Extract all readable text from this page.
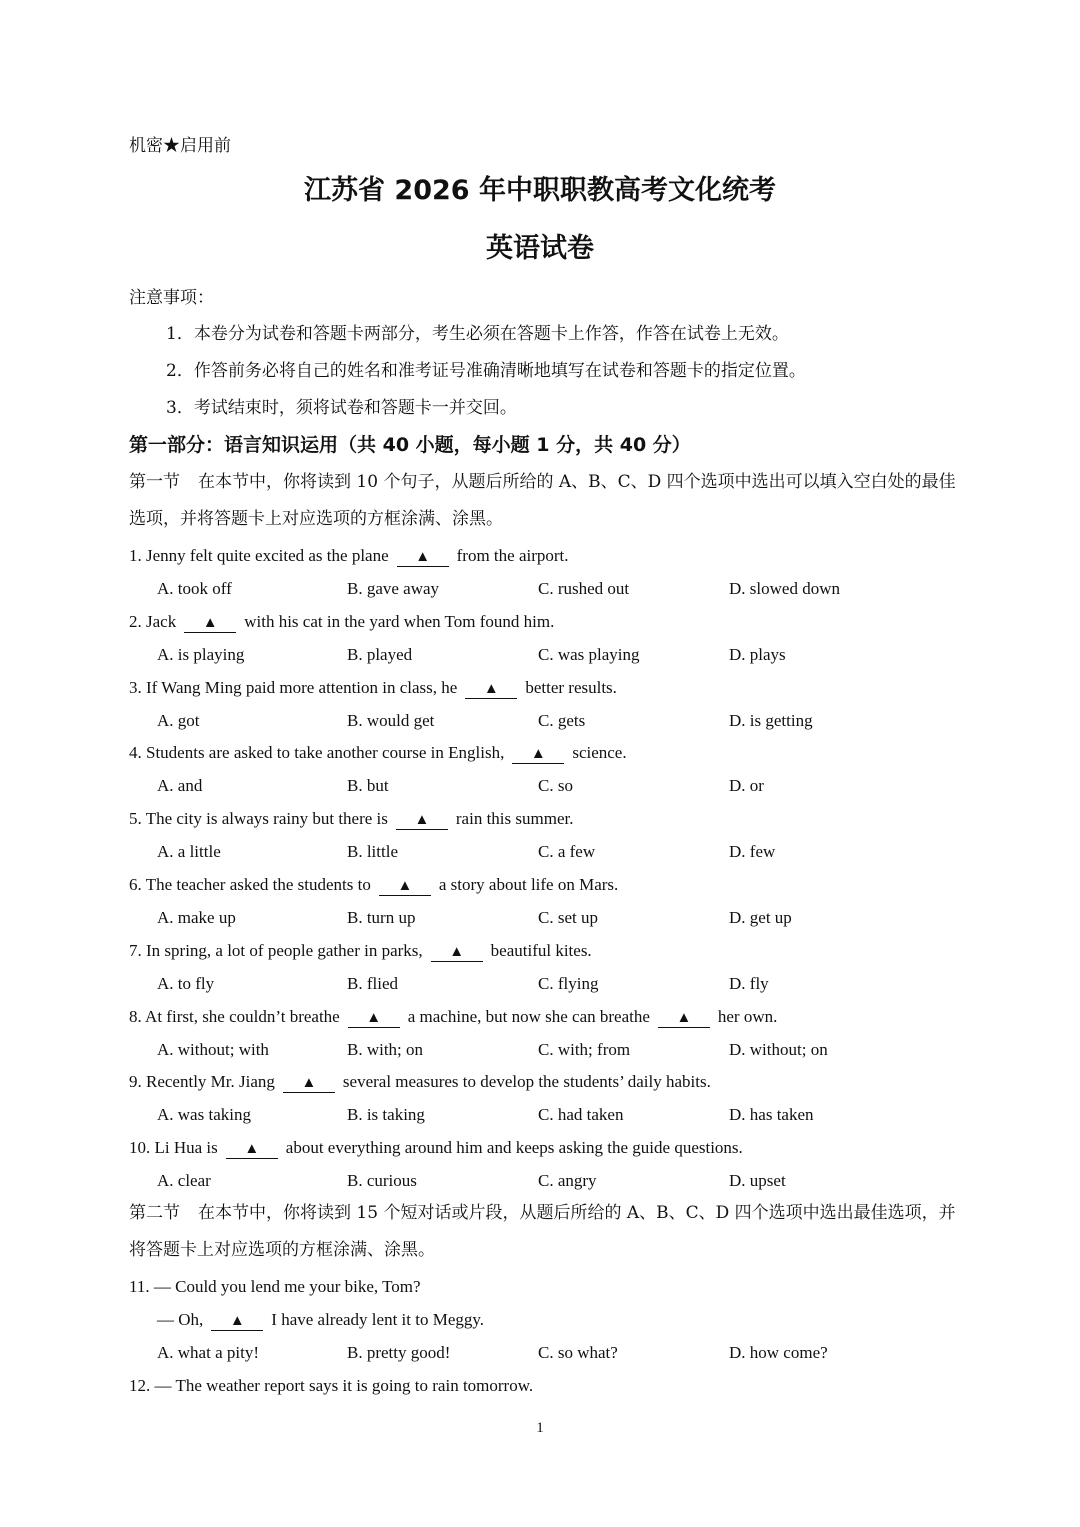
机密★启用前
江苏省 2026 年中职职教高考文化统考
英语试卷
注意事项：
1．本卷分为试卷和答题卡两部分，考生必须在答题卡上作答，作答在试卷上无效。
2．作答前务必将自己的姓名和准考证号准确清晰地填写在试卷和答题卡的指定位置。
3．考试结束时，须将试卷和答题卡一并交回。
第一部分：语言知识运用（共 40 小题，每小题 1 分，共 40 分）
第一节 在本节中，你将读到 10 个句子，从题后所给的 A、B、C、D 四个选项中选出可以填入空白处的最佳选项，并将答题卡上对应选项的方框涂满、涂黑。
1. Jenny felt quite excited as the plane ▲ from the airport.
A. took off	B. gave away	C. rushed out	D. slowed down
2. Jack ▲ with his cat in the yard when Tom found him.
A. is playing	B. played	C. was playing	D. plays
3. If Wang Ming paid more attention in class, he ▲ better results.
A. got	B. would get	C. gets	D. is getting
4. Students are asked to take another course in English, ▲ science.
A. and	B. but	C. so	D. or
5. The city is always rainy but there is ▲ rain this summer.
A. a little	B. little	C. a few	D. few
6. The teacher asked the students to ▲ a story about life on Mars.
A. make up	B. turn up	C. set up	D. get up
7. In spring, a lot of people gather in parks, ▲ beautiful kites.
A. to fly	B. flied	C. flying	D. fly
8. At first, she couldn’t breathe ▲ a machine, but now she can breathe ▲ her own.
A. without; with	B. with; on	C. with; from	D. without; on
9. Recently Mr. Jiang ▲ several measures to develop the students’ daily habits.
A. was taking	B. is taking	C. had taken	D. has taken
10. Li Hua is ▲ about everything around him and keeps asking the guide questions.
A. clear	B. curious	C. angry	D. upset
第二节 在本节中，你将读到 15 个短对话或片段，从题后所给的 A、B、C、D 四个选项中选出最佳选项，并将答题卡上对应选项的方框涂满、涂黑。
11. — Could you lend me your bike, Tom?
— Oh, ▲ I have already lent it to Meggy.
A. what a pity!	B. pretty good!	C. so what?	D. how come?
12. — The weather report says it is going to rain tomorrow.
1
